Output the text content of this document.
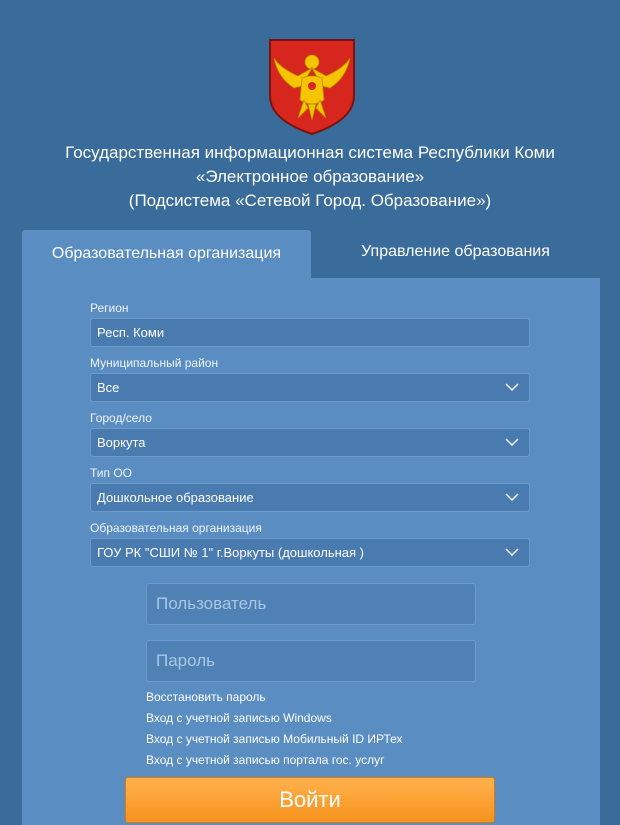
Государственная информационная система Республики Коми
«Электронное образование»
(Подсистема «Сетевой Город. Образование»)
Образовательная организация	Управление образования
Регион
Респ. Коми
Муниципальный район
Все
Город/село
Воркута
Тип ОО
Дошкольное образование
Образовательная организация
ГОУ РК "СШИ № 1" г.Воркуты (дошкольная )
Пользователь
Восстановить пароль
Вход с учетной записью Windows
Вход с учетной записью Мобильный ID ИРТех
Вход с учетной записью портала гос. услуг
Войти
